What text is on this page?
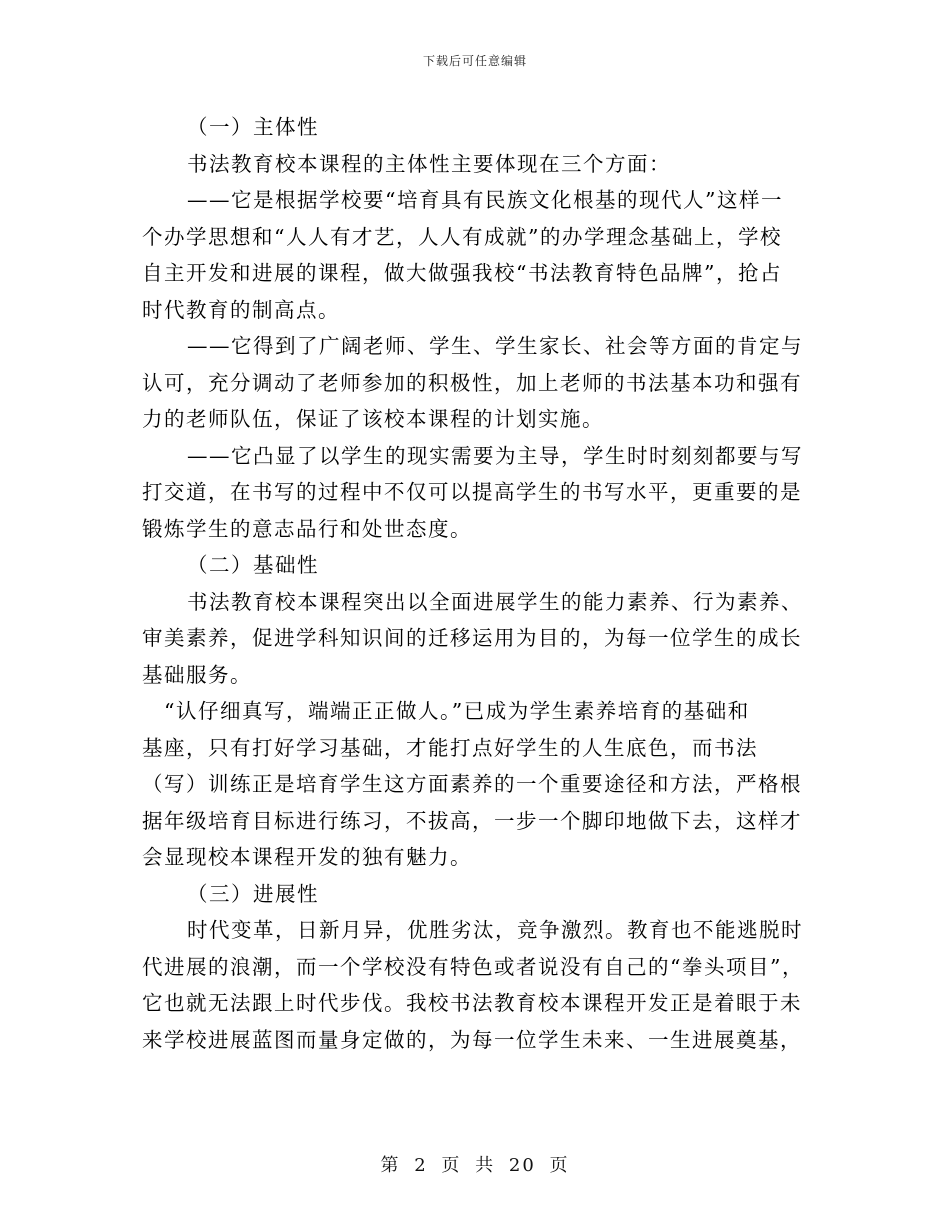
下载后可任意编辑
（一）主体性
书法教育校本课程的主体性主要体现在三个方面：
——它是根据学校要“培育具有民族文化根基的现代人”这样一
个办学思想和“人人有才艺，人人有成就”的办学理念基础上，学校
自主开发和进展的课程，做大做强我校“书法教育特色品牌”，抢占
时代教育的制高点。
——它得到了广阔老师、学生、学生家长、社会等方面的肯定与
认可，充分调动了老师参加的积极性，加上老师的书法基本功和强有
力的老师队伍，保证了该校本课程的计划实施。
——它凸显了以学生的现实需要为主导，学生时时刻刻都要与写
打交道，在书写的过程中不仅可以提高学生的书写水平，更重要的是
锻炼学生的意志品行和处世态度。
（二）基础性
书法教育校本课程突出以全面进展学生的能力素养、行为素养、
审美素养，促进学科知识间的迁移运用为目的，为每一位学生的成长
基础服务。
“认仔细真写，端端正正做人。”已成为学生素养培育的基础和
基座，只有打好学习基础，才能打点好学生的人生底色，而书法
（写）训练正是培育学生这方面素养的一个重要途径和方法，严格根
据年级培育目标进行练习，不拔高，一步一个脚印地做下去，这样才
会显现校本课程开发的独有魅力。
（三）进展性
时代变革，日新月异，优胜劣汰，竞争激烈。教育也不能逃脱时
代进展的浪潮，而一个学校没有特色或者说没有自己的“拳头项目”，
它也就无法跟上时代步伐。我校书法教育校本课程开发正是着眼于未
来学校进展蓝图而量身定做的，为每一位学生未来、一生进展奠基，
第 2 页 共 20 页
